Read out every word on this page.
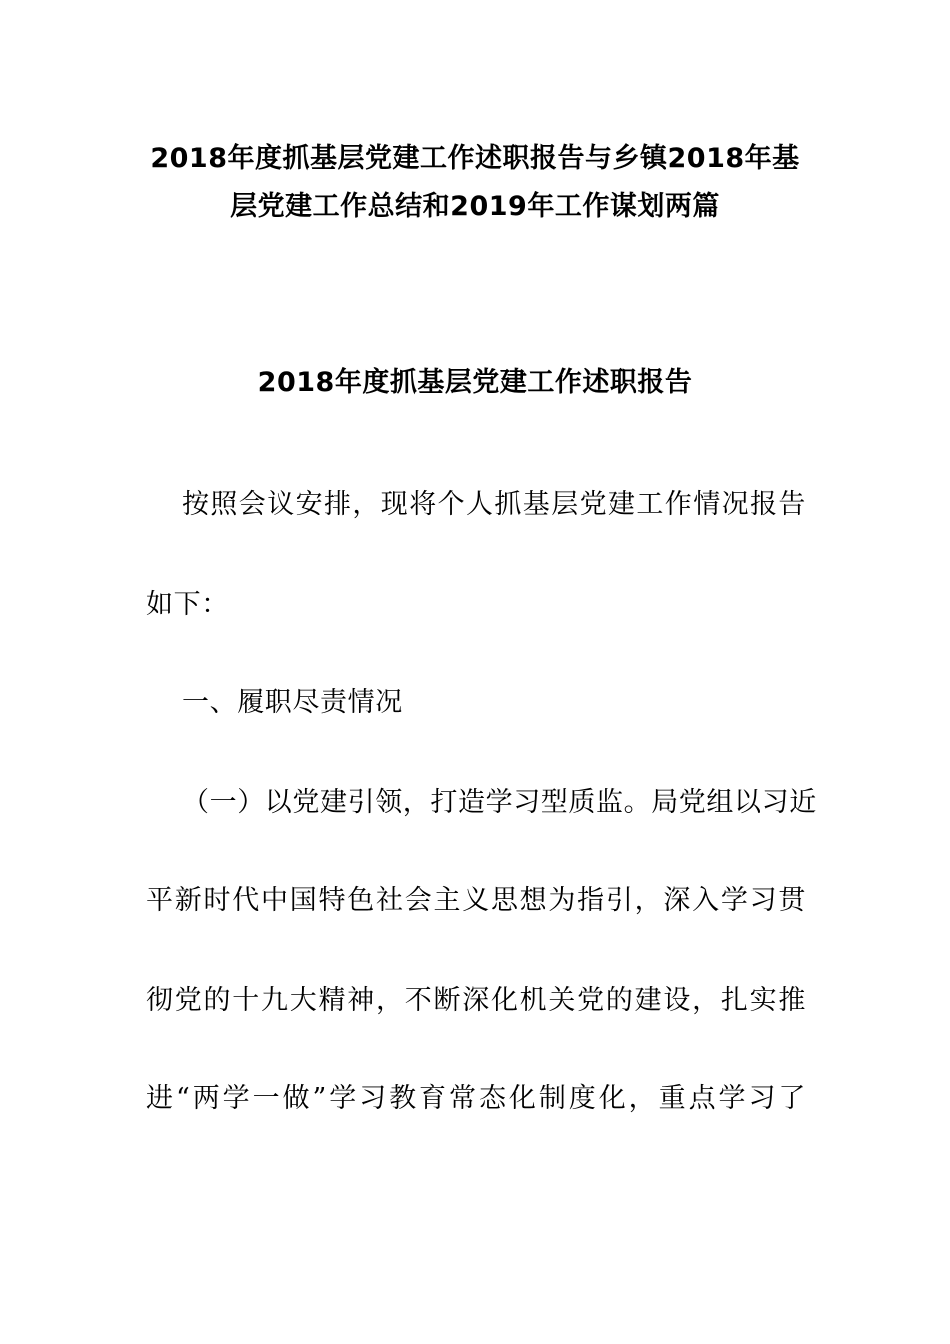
2018年度抓基层党建工作述职报告与乡镇2018年基
层党建工作总结和2019年工作谋划两篇
2018年度抓基层党建工作述职报告
按照会议安排，现将个人抓基层党建工作情况报告
如下：
一、履职尽责情况
（一）以党建引领，打造学习型质监。局党组以习近
平新时代中国特色社会主义思想为指引，深入学习贯
彻党的十九大精神，不断深化机关党的建设，扎实推
进“两学一做”学习教育常态化制度化，重点学习了
